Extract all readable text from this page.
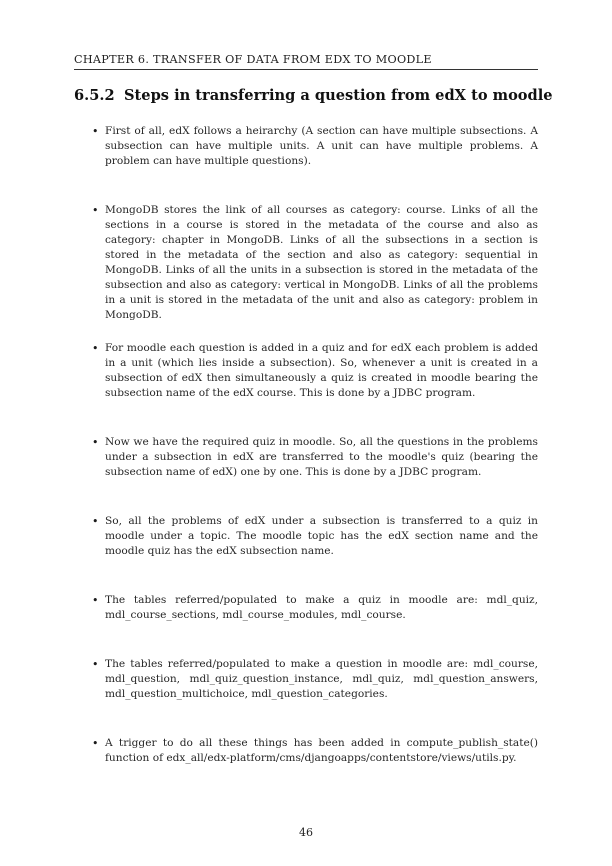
CHAPTER 6. TRANSFER OF DATA FROM EDX TO MOODLE
6.5.2 Steps in transferring a question from edX to moodle
• First of all, edX follows a heirarchy (A section can have multiple subsections. A subsection can have multiple units. A unit can have multiple problems. A problem can have multiple questions).
• MongoDB stores the link of all courses as category: course. Links of all the sections in a course is stored in the metadata of the course and also as category: chapter in MongoDB. Links of all the subsections in a section is stored in the metadata of the section and also as category: sequential in MongoDB. Links of all the units in a subsection is stored in the metadata of the subsection and also as category: vertical in MongoDB. Links of all the problems in a unit is stored in the metadata of the unit and also as category: problem in MongoDB.
• For moodle each question is added in a quiz and for edX each problem is added in a unit (which lies inside a subsection). So, whenever a unit is created in a subsection of edX then simultaneously a quiz is created in moodle bearing the subsection name of the edX course. This is done by a JDBC program.
• Now we have the required quiz in moodle. So, all the questions in the problems under a subsection in edX are transferred to the moodle's quiz (bearing the subsection name of edX) one by one. This is done by a JDBC program.
• So, all the problems of edX under a subsection is transferred to a quiz in moodle under a topic. The moodle topic has the edX section name and the moodle quiz has the edX subsection name.
• The tables referred/populated to make a quiz in moodle are: mdl_quiz, mdl_course_sections, mdl_course_modules, mdl_course.
• The tables referred/populated to make a question in moodle are: mdl_course, mdl_question, mdl_quiz_question_instance, mdl_quiz, mdl_question_answers, mdl_question_multichoice, mdl_question_categories.
• A trigger to do all these things has been added in compute_publish_state() function of edx_all/edx-platform/cms/djangoapps/contentstore/views/utils.py.
46
